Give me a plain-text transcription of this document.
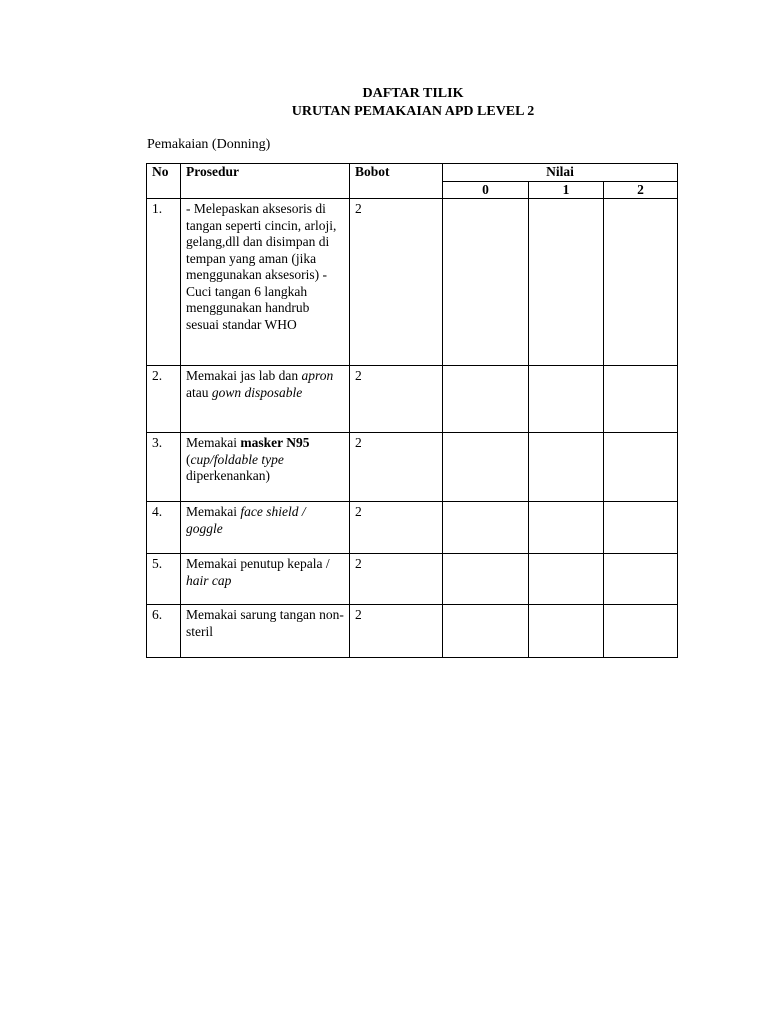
DAFTAR TILIK
URUTAN PEMAKAIAN APD LEVEL 2
Pemakaian (Donning)
No	Prosedur	Bobot	Nilai		
			0	1	2
1.	- Melepaskan aksesoris di tangan seperti cincin, arloji, gelang,dll dan disimpan di tempan yang aman (jika menggunakan aksesoris) -Cuci tangan 6 langkah menggunakan handrub sesuai standar WHO	2			
2.	Memakai jas lab dan apron atau gown disposable	2			
3.	Memakai masker N95 (cup/foldable type diperkenankan)	2			
4.	Memakai face shield / goggle	2			
5.	Memakai penutup kepala / hair cap	2			
6.	Memakai sarung tangan non-steril	2			
